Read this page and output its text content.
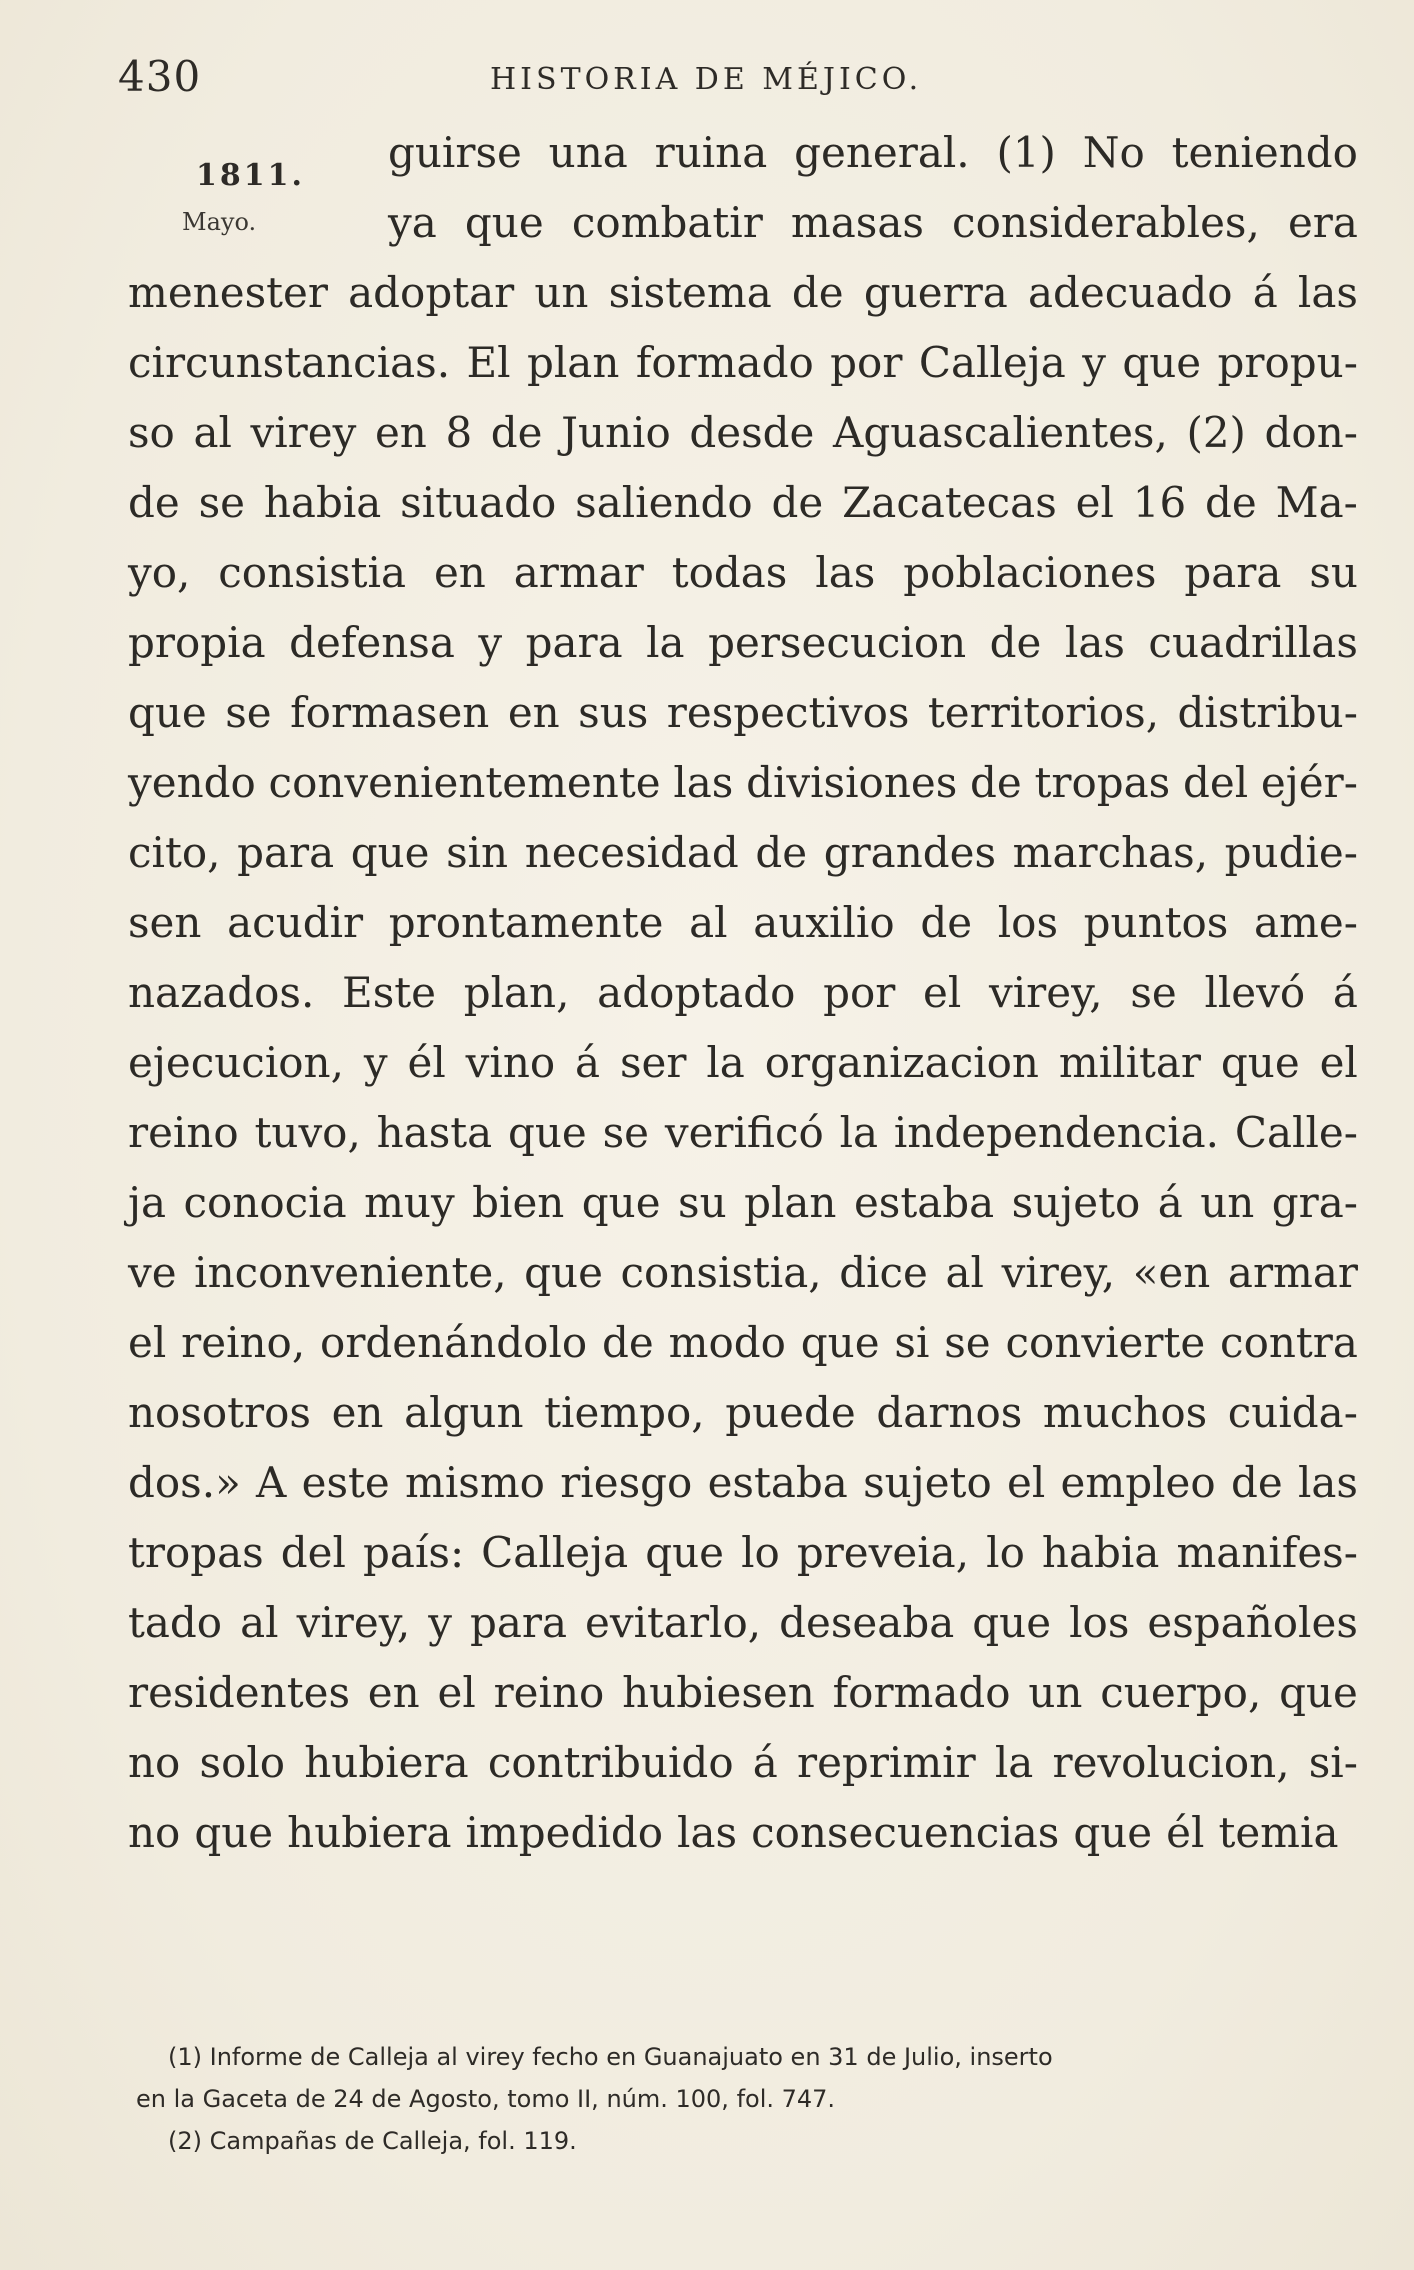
430	HISTORIA DE MÉJICO.
1811.
Mayo.
guirse una ruina general. (1) No teniendo
ya que combatir masas considerables, era
menester adoptar un sistema de guerra adecuado á las
circunstancias. El plan formado por Calleja y que propu-
so al virey en 8 de Junio desde Aguascalientes, (2) don-
de se habia situado saliendo de Zacatecas el 16 de Ma-
yo, consistia en armar todas las poblaciones para su
propia defensa y para la persecucion de las cuadrillas
que se formasen en sus respectivos territorios, distribu-
yendo convenientemente las divisiones de tropas del ejér-
cito, para que sin necesidad de grandes marchas, pudie-
sen acudir prontamente al auxilio de los puntos ame-
nazados. Este plan, adoptado por el virey, se llevó á
ejecucion, y él vino á ser la organizacion militar que el
reino tuvo, hasta que se verificó la independencia. Calle-
ja conocia muy bien que su plan estaba sujeto á un gra-
ve inconveniente, que consistia, dice al virey, «en armar
el reino, ordenándolo de modo que si se convierte contra
nosotros en algun tiempo, puede darnos muchos cuida-
dos.» A este mismo riesgo estaba sujeto el empleo de las
tropas del país: Calleja que lo preveia, lo habia manifes-
tado al virey, y para evitarlo, deseaba que los españoles
residentes en el reino hubiesen formado un cuerpo, que
no solo hubiera contribuido á reprimir la revolucion, si-
no que hubiera impedido las consecuencias que él temia
(1) Informe de Calleja al virey fecho en Guanajuato en 31 de Julio, inserto
en la Gaceta de 24 de Agosto, tomo II, núm. 100, fol. 747.
(2) Campañas de Calleja, fol. 119.
